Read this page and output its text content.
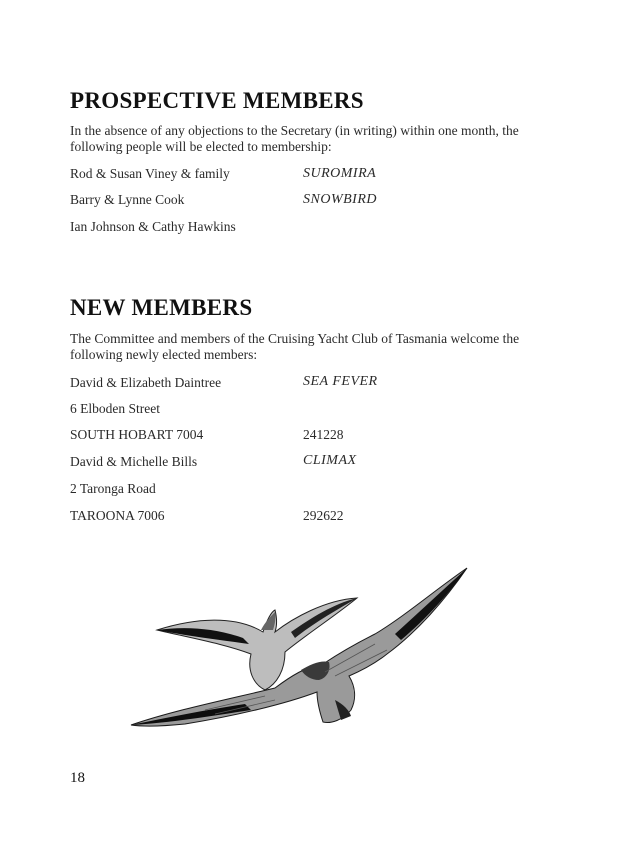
PROSPECTIVE MEMBERS

In the absence of any objections to the Secretary (in writing) within one month, the following people will be elected to membership:

Rod & Susan Viney & family	SUROMIRA
Barry & Lynne Cook	SNOWBIRD
Ian Johnson & Cathy Hawkins
NEW MEMBERS

The Committee and members of the Cruising Yacht Club of Tasmania welcome the following newly elected members:

David & Elizabeth Daintree	SEA FEVER
6 Elboden Street
SOUTH HOBART 7004	241228
David & Michelle Bills	CLIMAX
2 Taronga Road
TAROONA 7006	292622
18
